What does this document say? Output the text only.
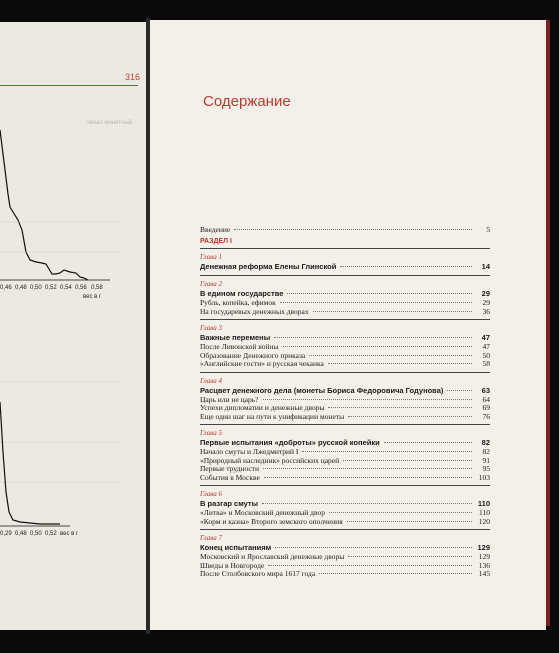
316
Чекан монетный
0,46 0,48 0,50 0,52 0,54 0,56 0,58
вес в г
0,29 0,48 0,50 0,52 вес в г
Содержание
Введение	5
РАЗДЕЛ I
Глава 1
Денежная реформа Елены Глинской	14
Глава 2
В едином государстве	29
Рубль, копейка, ефимок	29
На государевых денежных дворах	36
Глава 3
Важные перемены	47
После Ливонской войны	47
Образование Денежного приказа	50
«Английские гости» и русская чеканка	58
Глава 4
Расцвет денежного дела (монеты Бориса Федоровича Годунова)	63
Царь или не царь?	64
Успехи дипломатии и денежные дворы	69
Еще один шаг на пути к унификации монеты	76
Глава 5
Первые испытания «доброты» русской копейки	82
Начало смуты и Лжедмитрий I	82
«Природный наследник» российских царей	91
Первые трудности	95
События в Москве	103
Глава 6
В разгар смуты	110
«Литва» и Московский денежный двор	110
«Корм и казна» Второго земского ополчения	120
Глава 7
Конец испытаниям	129
Московский и Ярославский денежные дворы	129
Шведы в Новгороде	136
После Столбовского мира 1617 года	145
